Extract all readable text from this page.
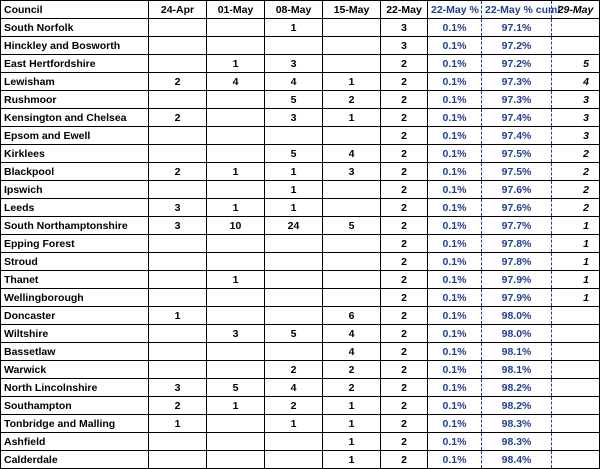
Council	24-Apr	01-May	08-May	15-May	22-May	22-May %	22-May % cuml	29-May
South Norfolk			1		3	0.1%	97.1%	
Hinckley and Bosworth					3	0.1%	97.2%	
East Hertfordshire		1	3		2	0.1%	97.2%	5
Lewisham	2	4	4	1	2	0.1%	97.3%	4
Rushmoor			5	2	2	0.1%	97.3%	3
Kensington and Chelsea	2		3	1	2	0.1%	97.4%	3
Epsom and Ewell					2	0.1%	97.4%	3
Kirklees			5	4	2	0.1%	97.5%	2
Blackpool	2	1	1	3	2	0.1%	97.5%	2
Ipswich			1		2	0.1%	97.6%	2
Leeds	3	1	1		2	0.1%	97.6%	2
South Northamptonshire	3	10	24	5	2	0.1%	97.7%	1
Epping Forest					2	0.1%	97.8%	1
Stroud					2	0.1%	97.8%	1
Thanet		1			2	0.1%	97.9%	1
Wellingborough					2	0.1%	97.9%	1
Doncaster	1			6	2	0.1%	98.0%	
Wiltshire		3	5	4	2	0.1%	98.0%	
Bassetlaw				4	2	0.1%	98.1%	
Warwick			2	2	2	0.1%	98.1%	
North Lincolnshire	3	5	4	2	2	0.1%	98.2%	
Southampton	2	1	2	1	2	0.1%	98.2%	
Tonbridge and Malling	1		1	1	2	0.1%	98.3%	
Ashfield				1	2	0.1%	98.3%	
Calderdale				1	2	0.1%	98.4%	
